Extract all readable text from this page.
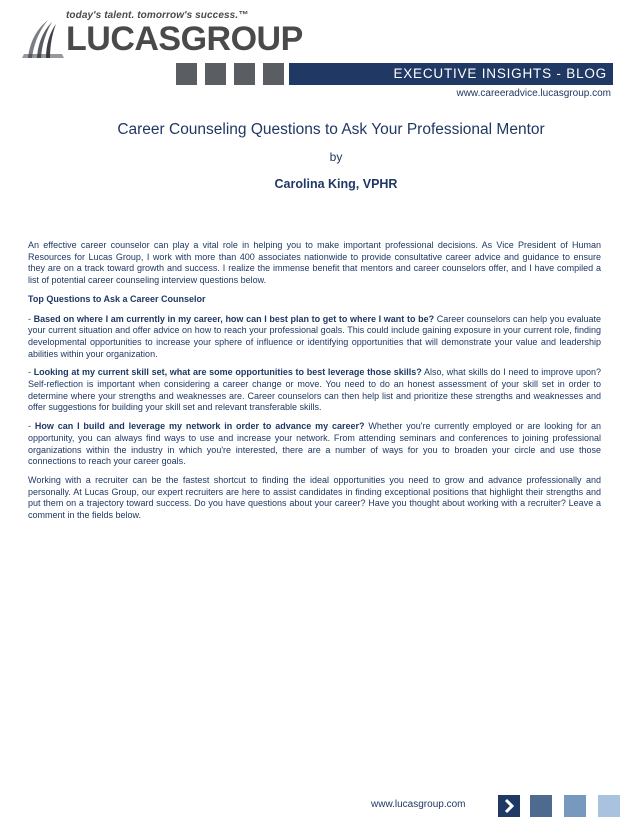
today's talent. tomorrow's success.™
LUCASGROUP
EXECUTIVE INSIGHTS - BLOG
www.careeradvice.lucasgroup.com
Career Counseling Questions to Ask Your Professional Mentor
by
Carolina King, VPHR

An effective career counselor can play a vital role in helping you to make important professional decisions. As Vice President of Human Resources for Lucas Group, I work with more than 400 associates nationwide to provide consultative career advice and guidance to ensure they are on a track toward growth and success. I realize the immense benefit that mentors and career counselors offer, and I have compiled a list of potential career counseling interview questions below.

Top Questions to Ask a Career Counselor

- Based on where I am currently in my career, how can I best plan to get to where I want to be? Career counselors can help you evaluate your current situation and offer advice on how to reach your professional goals. This could include gaining exposure in your current role, finding developmental opportunities to increase your sphere of influence or identifying opportunities that will demonstrate your value and leadership abilities within your organization.

- Looking at my current skill set, what are some opportunities to best leverage those skills? Also, what skills do I need to improve upon? Self-reflection is important when considering a career change or move. You need to do an honest assessment of your skill set in order to determine where your strengths and weaknesses are. Career counselors can then help list and prioritize these strengths and weaknesses and offer suggestions for building your skill set and relevant transferable skills.

- How can I build and leverage my network in order to advance my career? Whether you're currently employed or are looking for an opportunity, you can always find ways to use and increase your network. From attending seminars and conferences to joining professional organizations within the industry in which you're interested, there are a number of ways for you to broaden your circle and use those connections to reach your career goals.

Working with a recruiter can be the fastest shortcut to finding the ideal opportunities you need to grow and advance professionally and personally. At Lucas Group, our expert recruiters are here to assist candidates in finding exceptional positions that highlight their strengths and put them on a trajectory toward success. Do you have questions about your career? Have you thought about working with a recruiter? Leave a comment in the fields below.

www.lucasgroup.com
